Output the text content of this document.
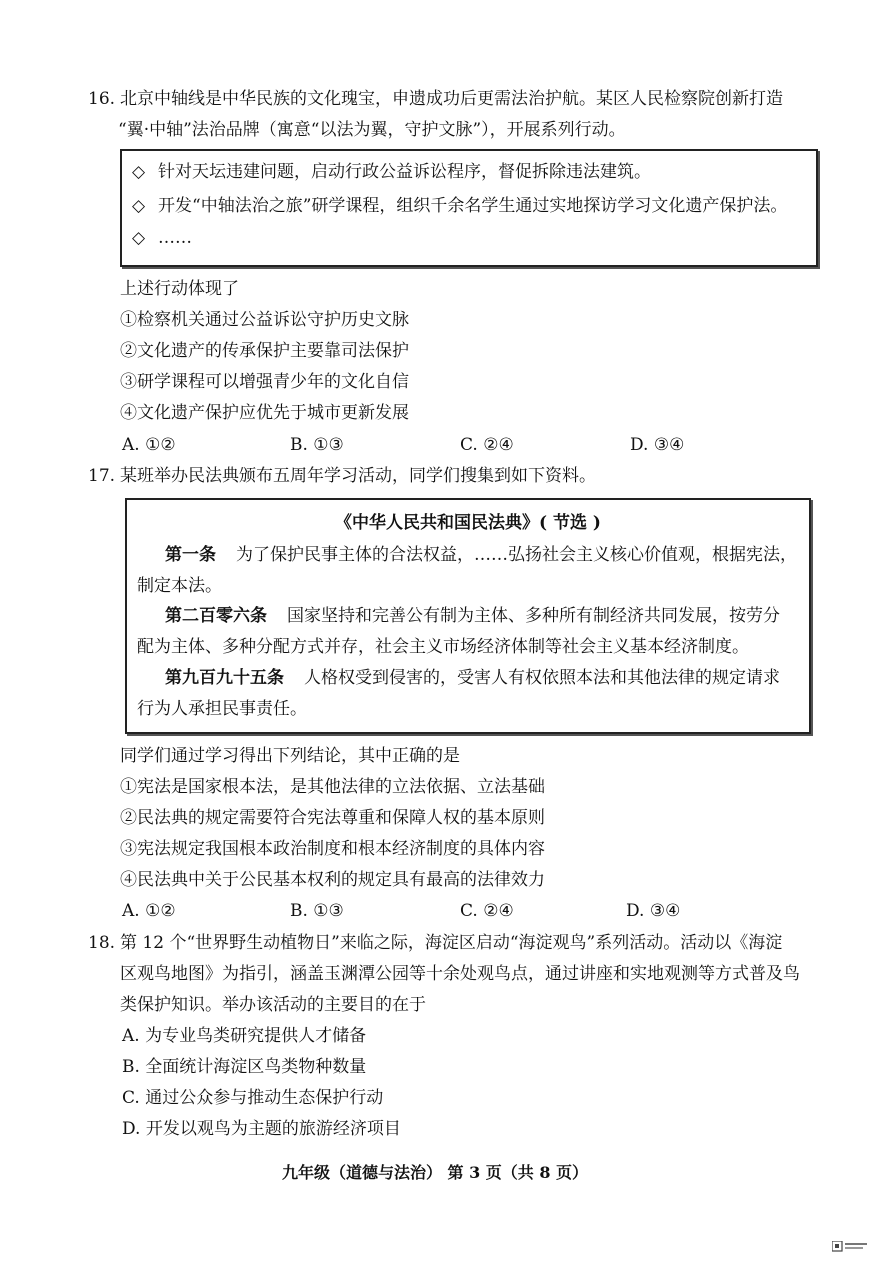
16. 北京中轴线是中华民族的文化瑰宝，申遗成功后更需法治护航。某区人民检察院创新打造
“翼·中轴”法治品牌（寓意“以法为翼，守护文脉”），开展系列行动。
◇ 针对天坛违建问题，启动行政公益诉讼程序，督促拆除违法建筑。
◇ 开发“中轴法治之旅”研学课程，组织千余名学生通过实地探访学习文化遗产保护法。
◇ ……
上述行动体现了
①检察机关通过公益诉讼守护历史文脉
②文化遗产的传承保护主要靠司法保护
③研学课程可以增强青少年的文化自信
④文化遗产保护应优先于城市更新发展
A. ①②	B. ①③	C. ②④	D. ③④
17. 某班举办民法典颁布五周年学习活动，同学们搜集到如下资料。
《中华人民共和国民法典》( 节选 )
第一条 为了保护民事主体的合法权益，……弘扬社会主义核心价值观，根据宪法，
制定本法。
第二百零六条 国家坚持和完善公有制为主体、多种所有制经济共同发展，按劳分
配为主体、多种分配方式并存，社会主义市场经济体制等社会主义基本经济制度。
第九百九十五条 人格权受到侵害的，受害人有权依照本法和其他法律的规定请求
行为人承担民事责任。
同学们通过学习得出下列结论，其中正确的是
①宪法是国家根本法，是其他法律的立法依据、立法基础
②民法典的规定需要符合宪法尊重和保障人权的基本原则
③宪法规定我国根本政治制度和根本经济制度的具体内容
④民法典中关于公民基本权利的规定具有最高的法律效力
A. ①②	B. ①③	C. ②④	D. ③④
18. 第 12 个“世界野生动植物日”来临之际，海淀区启动“海淀观鸟”系列活动。活动以《海淀
区观鸟地图》为指引，涵盖玉渊潭公园等十余处观鸟点，通过讲座和实地观测等方式普及鸟
类保护知识。举办该活动的主要目的在于
A. 为专业鸟类研究提供人才储备
B. 全面统计海淀区鸟类物种数量
C. 通过公众参与推动生态保护行动
D. 开发以观鸟为主题的旅游经济项目
九年级（道德与法治） 第 3 页（共 8 页）
